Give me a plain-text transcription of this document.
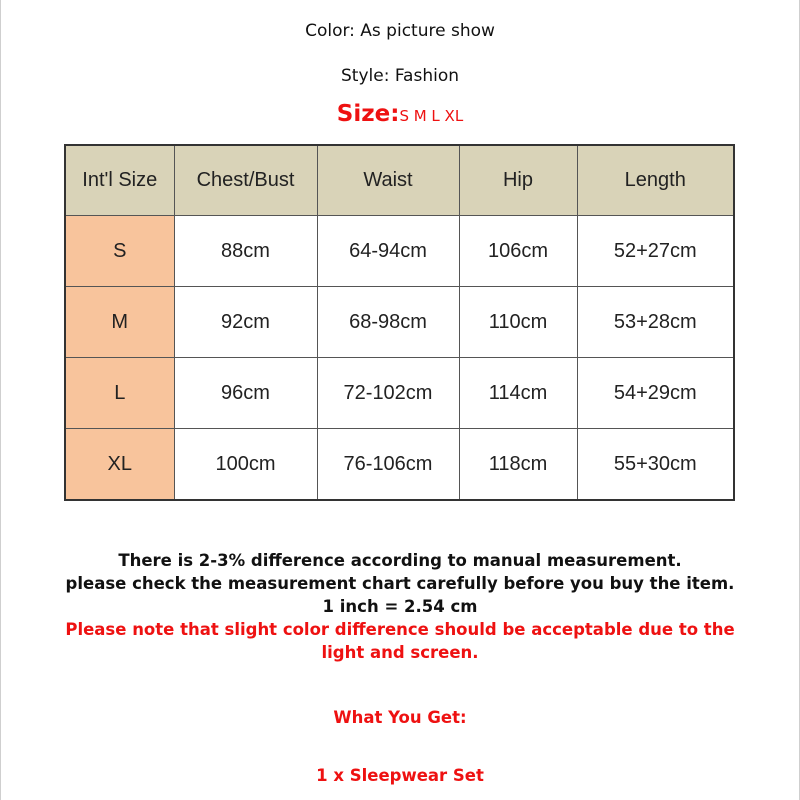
Color: As picture show
Style: Fashion
Size:S M L XL
Int'l Size	Chest/Bust	Waist	Hip	Length
S	88cm	64-94cm	106cm	52+27cm
M	92cm	68-98cm	110cm	53+28cm
L	96cm	72-102cm	114cm	54+29cm
XL	100cm	76-106cm	118cm	55+30cm

There is 2-3% difference according to manual measurement.

please check the measurement chart carefully before you buy the item.

1 inch = 2.54 cm

Please note that slight color difference should be acceptable due to the light and screen.

What You Get:
1 x Sleepwear Set
